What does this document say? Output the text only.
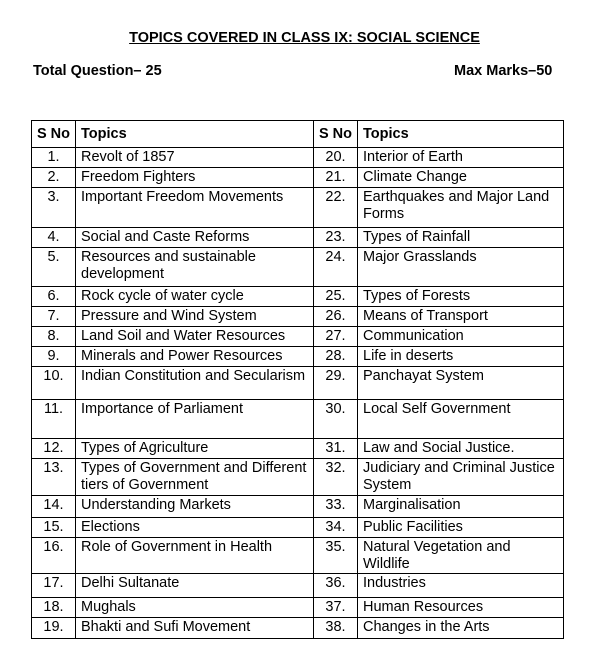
TOPICS COVERED IN CLASS IX: SOCIAL SCIENCE
Total Question– 25	Max Marks–50
S No	Topics	S No	Topics
1.	Revolt of 1857	20.	Interior of Earth
2.	Freedom Fighters	21.	Climate Change
3.	Important Freedom Movements	22.	Earthquakes and Major Land Forms
4.	Social and Caste Reforms	23.	Types of Rainfall
5.	Resources and sustainable development	24.	Major Grasslands
6.	Rock cycle of water cycle	25.	Types of Forests
7.	Pressure and Wind System	26.	Means of Transport
8.	Land Soil and Water Resources	27.	Communication
9.	Minerals and Power Resources	28.	Life in deserts
10.	Indian Constitution and Secularism	29.	Panchayat System
11.	Importance of Parliament	30.	Local Self Government
12.	Types of Agriculture	31.	Law and Social Justice.
13.	Types of Government and Different tiers of Government	32.	Judiciary and Criminal Justice System
14.	Understanding Markets	33.	Marginalisation
15.	Elections	34.	Public Facilities
16.	Role of Government in Health	35.	Natural Vegetation and Wildlife
17.	Delhi Sultanate	36.	Industries
18.	Mughals	37.	Human Resources
19.	Bhakti and Sufi Movement	38.	Changes in the Arts
